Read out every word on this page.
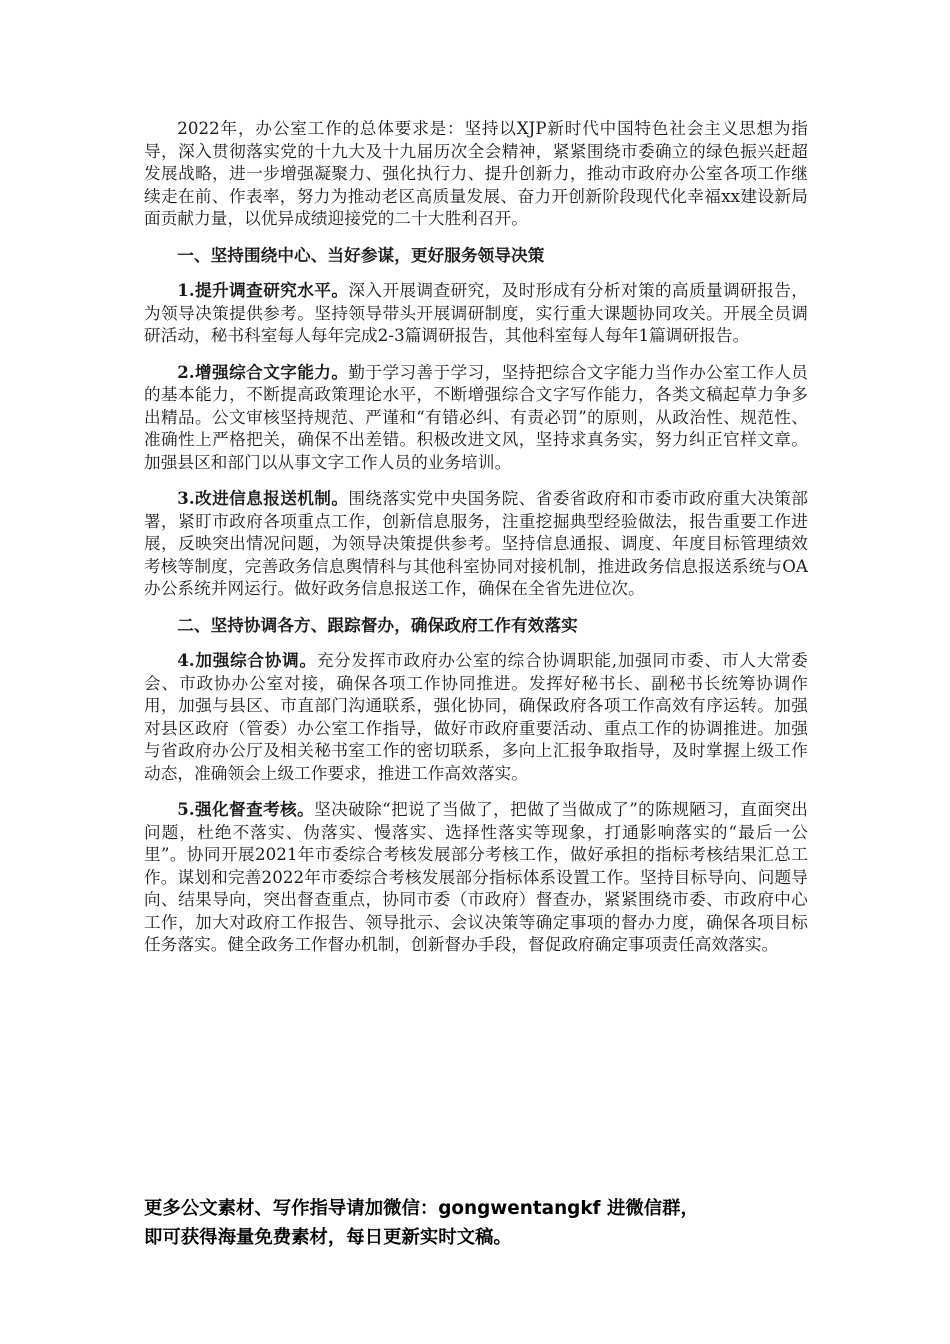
2022年，办公室工作的总体要求是：坚持以XJP新时代中国特色社会主义思想为指导，深入贯彻落实党的十九大及十九届历次全会精神，紧紧围绕市委确立的绿色振兴赶超发展战略，进一步增强凝聚力、强化执行力、提升创新力，推动市政府办公室各项工作继续走在前、作表率，努力为推动老区高质量发展、奋力开创新阶段现代化幸福xx建设新局面贡献力量，以优异成绩迎接党的二十大胜利召开。

一、坚持围绕中心、当好参谋，更好服务领导决策

1.提升调查研究水平。深入开展调查研究，及时形成有分析对策的高质量调研报告，为领导决策提供参考。坚持领导带头开展调研制度，实行重大课题协同攻关。开展全员调研活动，秘书科室每人每年完成2-3篇调研报告，其他科室每人每年1篇调研报告。

2.增强综合文字能力。勤于学习善于学习，坚持把综合文字能力当作办公室工作人员的基本能力，不断提高政策理论水平，不断增强综合文字写作能力，各类文稿起草力争多出精品。公文审核坚持规范、严谨和“有错必纠、有责必罚”的原则，从政治性、规范性、准确性上严格把关，确保不出差错。积极改进文风，坚持求真务实，努力纠正官样文章。加强县区和部门以从事文字工作人员的业务培训。

3.改进信息报送机制。围绕落实党中央国务院、省委省政府和市委市政府重大决策部署，紧盯市政府各项重点工作，创新信息服务，注重挖掘典型经验做法，报告重要工作进展，反映突出情况问题，为领导决策提供参考。坚持信息通报、调度、年度目标管理绩效考核等制度，完善政务信息舆情科与其他科室协同对接机制，推进政务信息报送系统与OA办公系统并网运行。做好政务信息报送工作，确保在全省先进位次。

二、坚持协调各方、跟踪督办，确保政府工作有效落实

4.加强综合协调。充分发挥市政府办公室的综合协调职能,加强同市委、市人大常委会、市政协办公室对接，确保各项工作协同推进。发挥好秘书长、副秘书长统筹协调作用，加强与县区、市直部门沟通联系，强化协同，确保政府各项工作高效有序运转。加强对县区政府（管委）办公室工作指导，做好市政府重要活动、重点工作的协调推进。加强与省政府办公厅及相关秘书室工作的密切联系，多向上汇报争取指导，及时掌握上级工作动态，准确领会上级工作要求，推进工作高效落实。

5.强化督查考核。坚决破除“把说了当做了，把做了当做成了”的陈规陋习，直面突出问题，杜绝不落实、伪落实、慢落实、选择性落实等现象，打通影响落实的“最后一公里”。协同开展2021年市委综合考核发展部分考核工作，做好承担的指标考核结果汇总工作。谋划和完善2022年市委综合考核发展部分指标体系设置工作。坚持目标导向、问题导向、结果导向，突出督查重点，协同市委（市政府）督查办，紧紧围绕市委、市政府中心工作，加大对政府工作报告、领导批示、会议决策等确定事项的督办力度，确保各项目标任务落实。健全政务工作督办机制，创新督办手段，督促政府确定事项责任高效落实。

更多公文素材、写作指导请加微信：gongwentangkf 进微信群，
即可获得海量免费素材，每日更新实时文稿。
